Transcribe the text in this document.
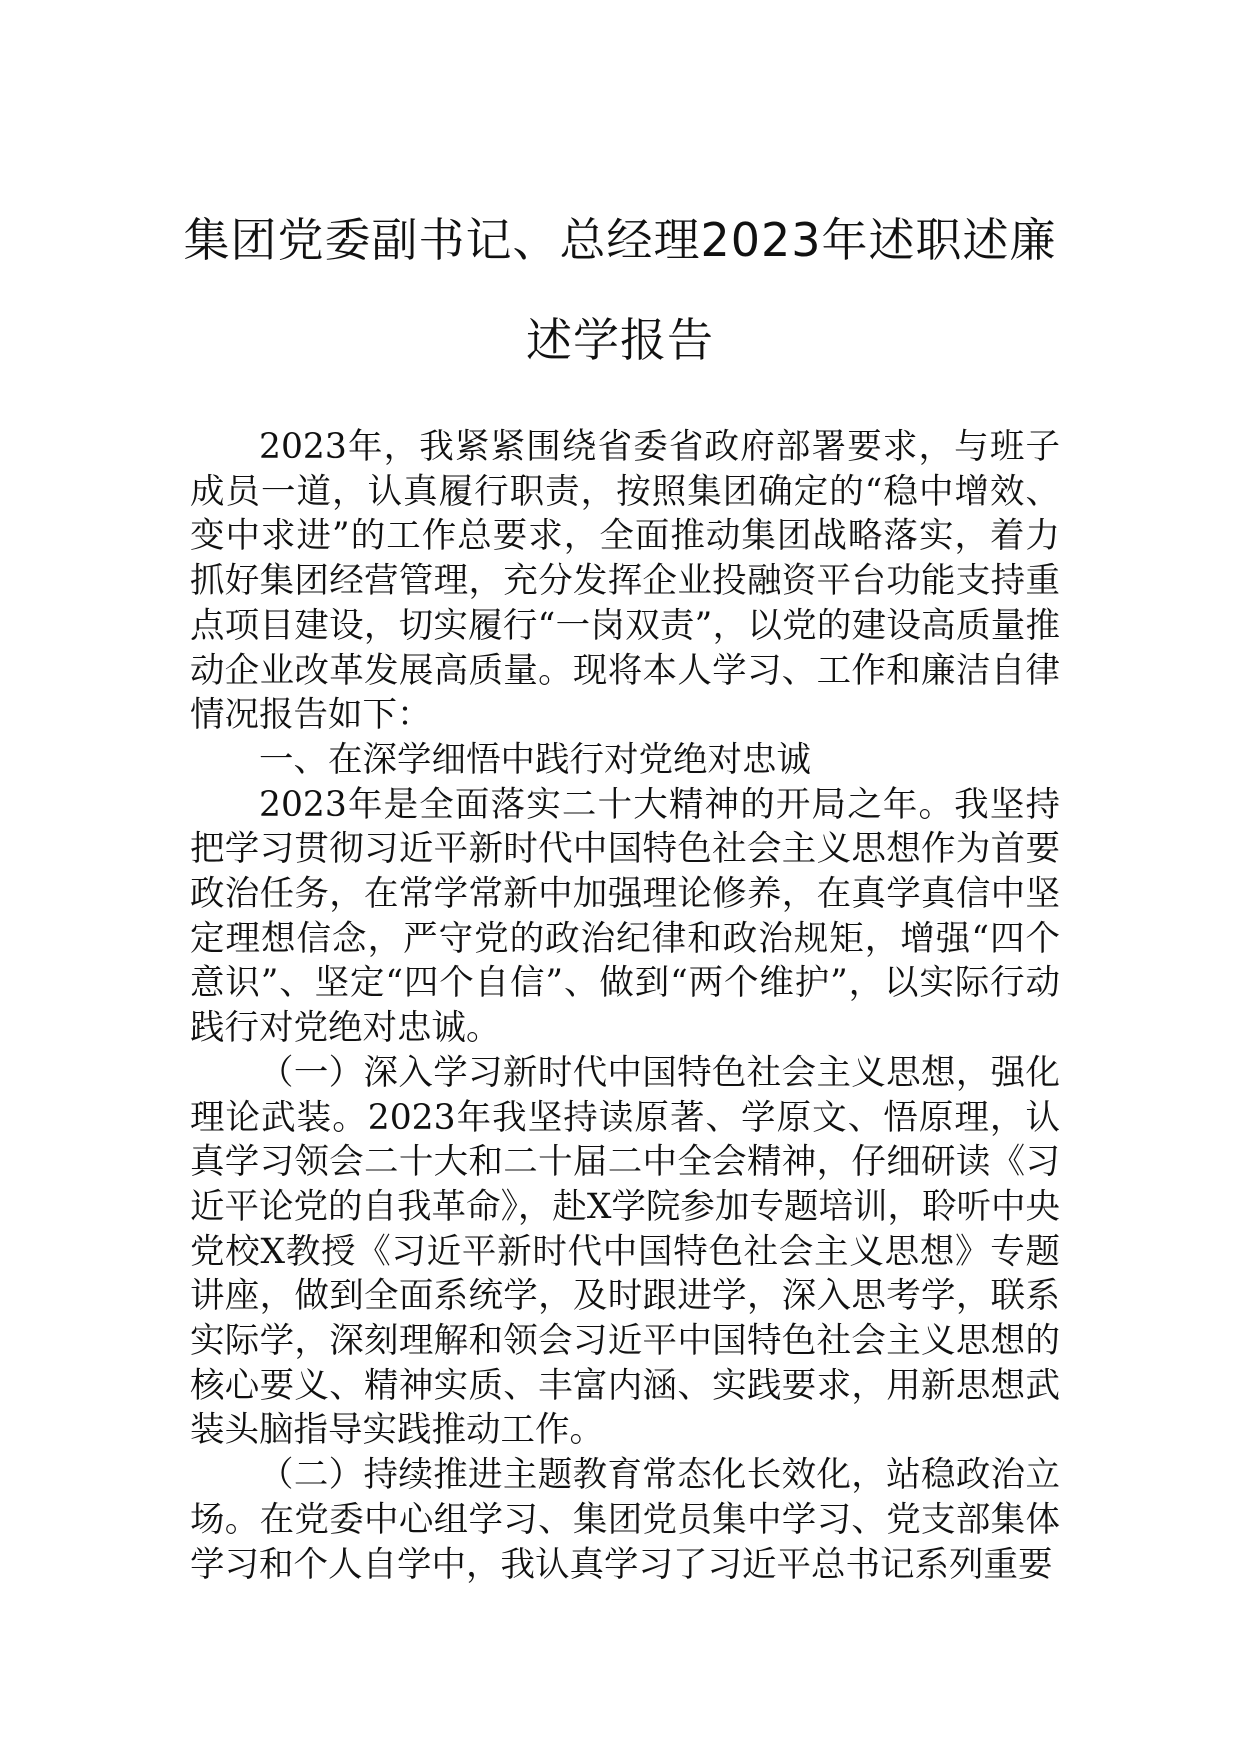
集团党委副书记、总经理2023年述职述廉
述学报告

2023年，我紧紧围绕省委省政府部署要求，与班子成员一道，认真履行职责，按照集团确定的“稳中增效、变中求进”的工作总要求，全面推动集团战略落实，着力抓好集团经营管理，充分发挥企业投融资平台功能支持重点项目建设，切实履行“一岗双责”，以党的建设高质量推动企业改革发展高质量。现将本人学习、工作和廉洁自律情况报告如下：

一、在深学细悟中践行对党绝对忠诚

2023年是全面落实二十大精神的开局之年。我坚持把学习贯彻习近平新时代中国特色社会主义思想作为首要政治任务，在常学常新中加强理论修养，在真学真信中坚定理想信念，严守党的政治纪律和政治规矩，增强“四个意识”、坚定“四个自信”、做到“两个维护”，以实际行动践行对党绝对忠诚。

（一）深入学习新时代中国特色社会主义思想，强化理论武装。2023年我坚持读原著、学原文、悟原理，认真学习领会二十大和二十届二中全会精神，仔细研读《习近平论党的自我革命》，赴X学院参加专题培训，聆听中央党校X教授《习近平新时代中国特色社会主义思想》专题讲座，做到全面系统学，及时跟进学，深入思考学，联系实际学，深刻理解和领会习近平中国特色社会主义思想的核心要义、精神实质、丰富内涵、实践要求，用新思想武装头脑指导实践推动工作。

（二）持续推进主题教育常态化长效化，站稳政治立场。在党委中心组学习、集团党员集中学习、党支部集体学习和个人自学中，我认真学习了习近平总书记系列重要
